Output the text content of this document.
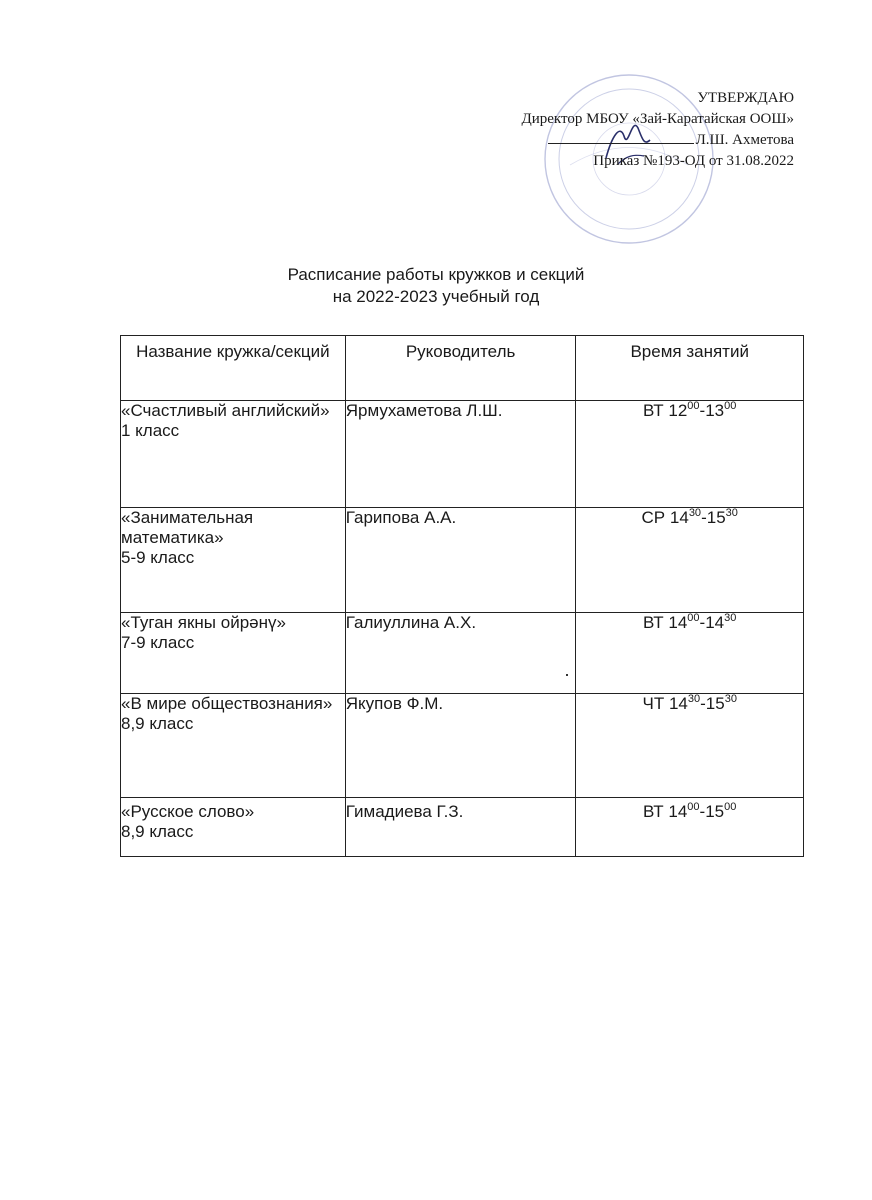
УТВЕРЖДАЮ
Директор МБОУ «Зай-Каратайская ООШ»
Л.Ш. Ахметова
Приказ №193-ОД от 31.08.2022
Расписание работы кружков и секций
на 2022-2023 учебный год
Название кружка/секций	Руководитель	Время занятий

«Счастливый английский»
1 класс	Ярмухаметова Л.Ш.	ВТ $12^{00}-13^{00}$

«Занимательная математика»
5-9 класс	Гарипова А.А.	СР $14^{30}-15^{30}$

«Туган якны ойрәнү»
7-9 класс	Галиуллина А.Х.	ВТ $14^{00}-14^{30}$

«В мире обществознания»
8,9 класс	Якупов Ф.М.	ЧТ $14^{30}-15^{30}$

«Русское слово»
8,9 класс	Гимадиева Г.З.	ВТ $14^{00}-15^{00}$
